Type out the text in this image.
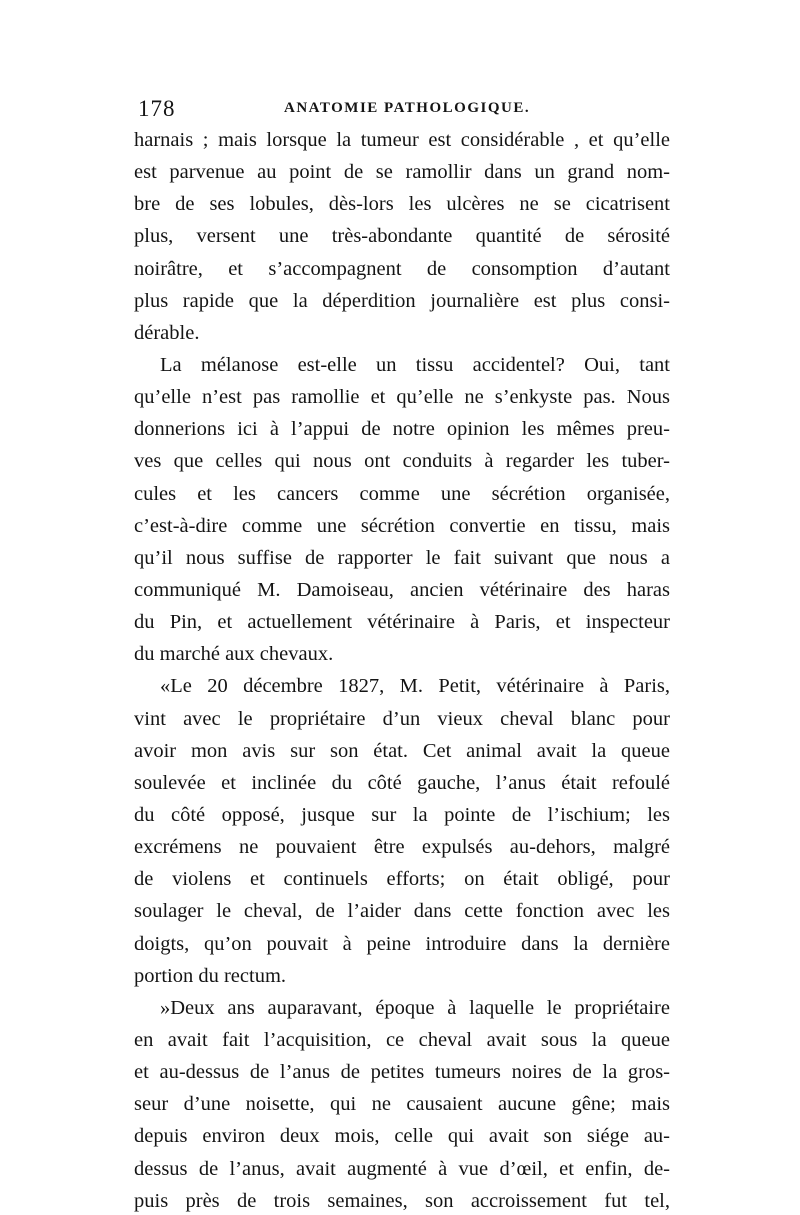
178	ANATOMIE PATHOLOGIQUE.
harnais ; mais lorsque la tumeur est considérable , et qu’elle
est parvenue au point de se ramollir dans un grand nom-
bre de ses lobules, dès-lors les ulcères ne se cicatrisent
plus, versent une très-abondante quantité de sérosité
noirâtre, et s’accompagnent de consomption d’autant
plus rapide que la déperdition journalière est plus consi-
dérable.
La mélanose est-elle un tissu accidentel? Oui, tant
qu’elle n’est pas ramollie et qu’elle ne s’enkyste pas. Nous
donnerions ici à l’appui de notre opinion les mêmes preu-
ves que celles qui nous ont conduits à regarder les tuber-
cules et les cancers comme une sécrétion organisée,
c’est-à-dire comme une sécrétion convertie en tissu, mais
qu’il nous suffise de rapporter le fait suivant que nous a
communiqué M. Damoiseau, ancien vétérinaire des haras
du Pin, et actuellement vétérinaire à Paris, et inspecteur
du marché aux chevaux.
«Le 20 décembre 1827, M. Petit, vétérinaire à Paris,
vint avec le propriétaire d’un vieux cheval blanc pour
avoir mon avis sur son état. Cet animal avait la queue
soulevée et inclinée du côté gauche, l’anus était refoulé
du côté opposé, jusque sur la pointe de l’ischium; les
excrémens ne pouvaient être expulsés au-dehors, malgré
de violens et continuels efforts; on était obligé, pour
soulager le cheval, de l’aider dans cette fonction avec les
doigts, qu’on pouvait à peine introduire dans la dernière
portion du rectum.
»Deux ans auparavant, époque à laquelle le propriétaire
en avait fait l’acquisition, ce cheval avait sous la queue
et au-dessus de l’anus de petites tumeurs noires de la gros-
seur d’une noisette, qui ne causaient aucune gêne; mais
depuis environ deux mois, celle qui avait son siége au-
dessus de l’anus, avait augmenté à vue d’œil, et enfin, de-
puis près de trois semaines, son accroissement fut tel,
